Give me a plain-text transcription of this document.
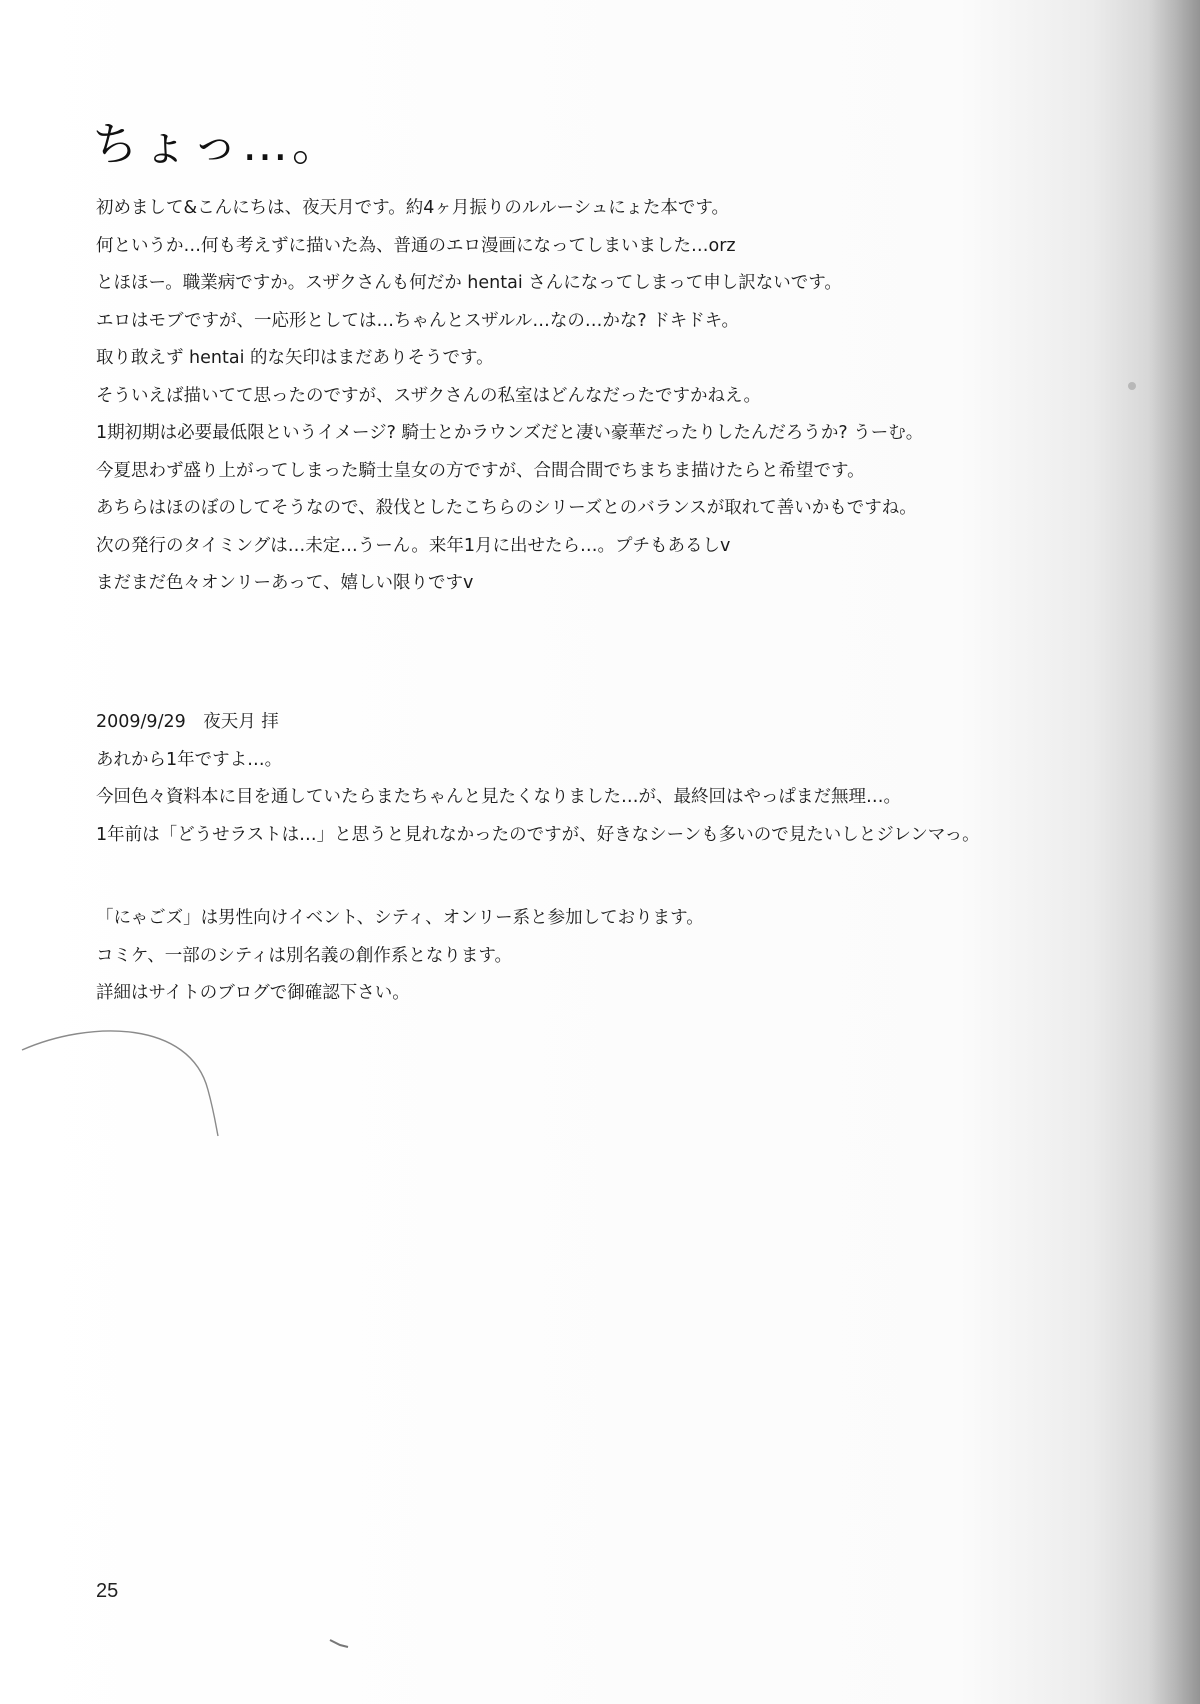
ちょっ…。
初めまして&こんにちは、夜天月です。約4ヶ月振りのルルーシュにょた本です。
何というか…何も考えずに描いた為、普通のエロ漫画になってしまいました…orz
とほほー。職業病ですか。スザクさんも何だか hentai さんになってしまって申し訳ないです。
エロはモブですが、一応形としては…ちゃんとスザルル…なの…かな? ドキドキ。
取り敢えず hentai 的な矢印はまだありそうです。
そういえば描いてて思ったのですが、スザクさんの私室はどんなだったですかねえ。
1期初期は必要最低限というイメージ? 騎士とかラウンズだと凄い豪華だったりしたんだろうか? うーむ。
今夏思わず盛り上がってしまった騎士皇女の方ですが、合間合間でちまちま描けたらと希望です。
あちらはほのぼのしてそうなので、殺伐としたこちらのシリーズとのバランスが取れて善いかもですね。
次の発行のタイミングは…未定…うーん。来年1月に出せたら…。プチもあるしv
まだまだ色々オンリーあって、嬉しい限りですv
2009/9/29　夜天月 拝
あれから1年ですよ…。
今回色々資料本に目を通していたらまたちゃんと見たくなりました…が、最終回はやっぱまだ無理…。
1年前は「どうせラストは…」と思うと見れなかったのですが、好きなシーンも多いので見たいしとジレンマっ。
「にゃごズ」は男性向けイベント、シティ、オンリー系と参加しております。
コミケ、一部のシティは別名義の創作系となります。
詳細はサイトのブログで御確認下さい。
25
